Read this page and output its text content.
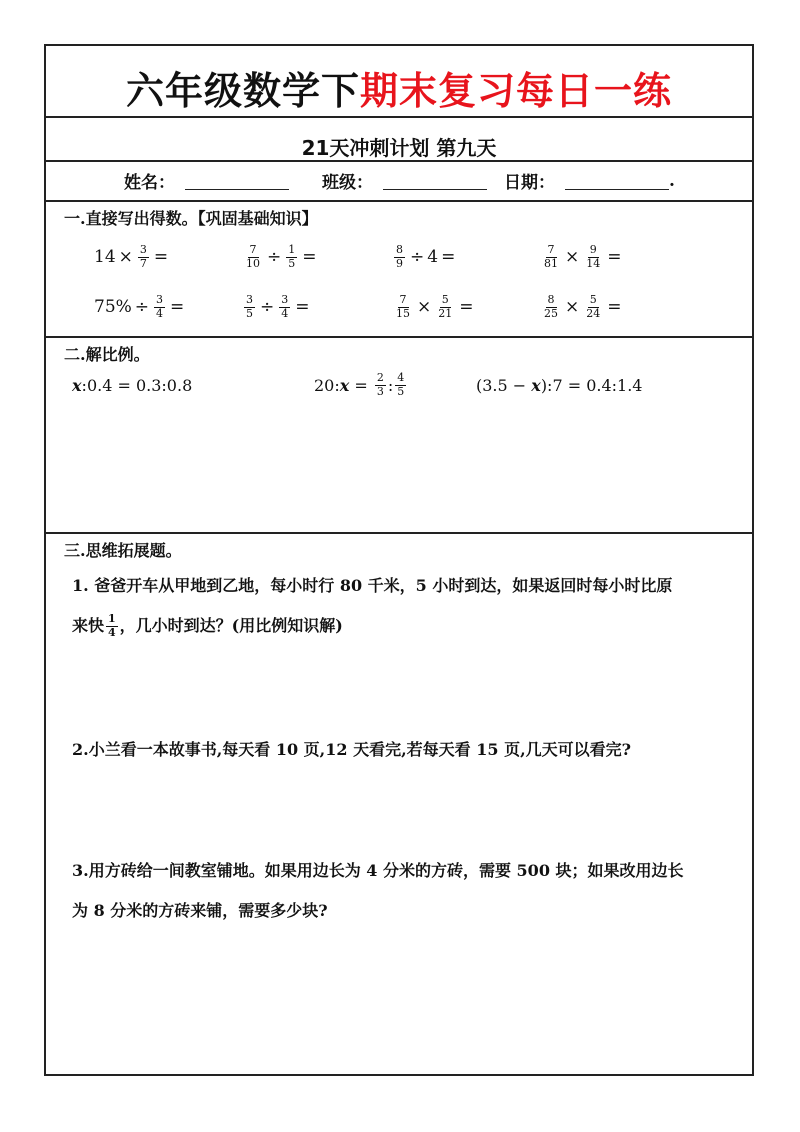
六年级数学下期末复习每日一练
21天冲刺计划 第九天
姓名：	班级：	日期：	.
一.直接写出得数。【巩固基础知识】
$14 \times \frac{3}{7}$ =	$\frac{7}{10} \div \frac{1}{5}$ =	$\frac{8}{9} \div 4$ =	$\frac{7}{81} \times \frac{9}{14}$ =
$75\% \div \frac{3}{4}$ =	$\frac{3}{5} \div \frac{3}{4}$ =	$\frac{7}{15} \times \frac{5}{21}$ =	$\frac{8}{25} \times \frac{5}{24}$ =
二.解比例。
x :0.4 = 0.3:0.8	20: $x = \frac{2}{3}$ : $\frac{4}{5}$	(3.5 − x ):7 = 0.4:1.4
三.思维拓展题。
1. 爸爸开车从甲地到乙地，每小时行 80 千米，5 小时到达，如果返回时每小时比原
来快 $\frac{1}{4}$ ，几小时到达？(用比例知识解)
2.小兰看一本故事书,每天看 10 页,12 天看完,若每天看 15 页,几天可以看完?
3.用方砖给一间教室铺地。如果用边长为 4 分米的方砖，需要 500 块；如果改用边长
为 8 分米的方砖来铺，需要多少块?
